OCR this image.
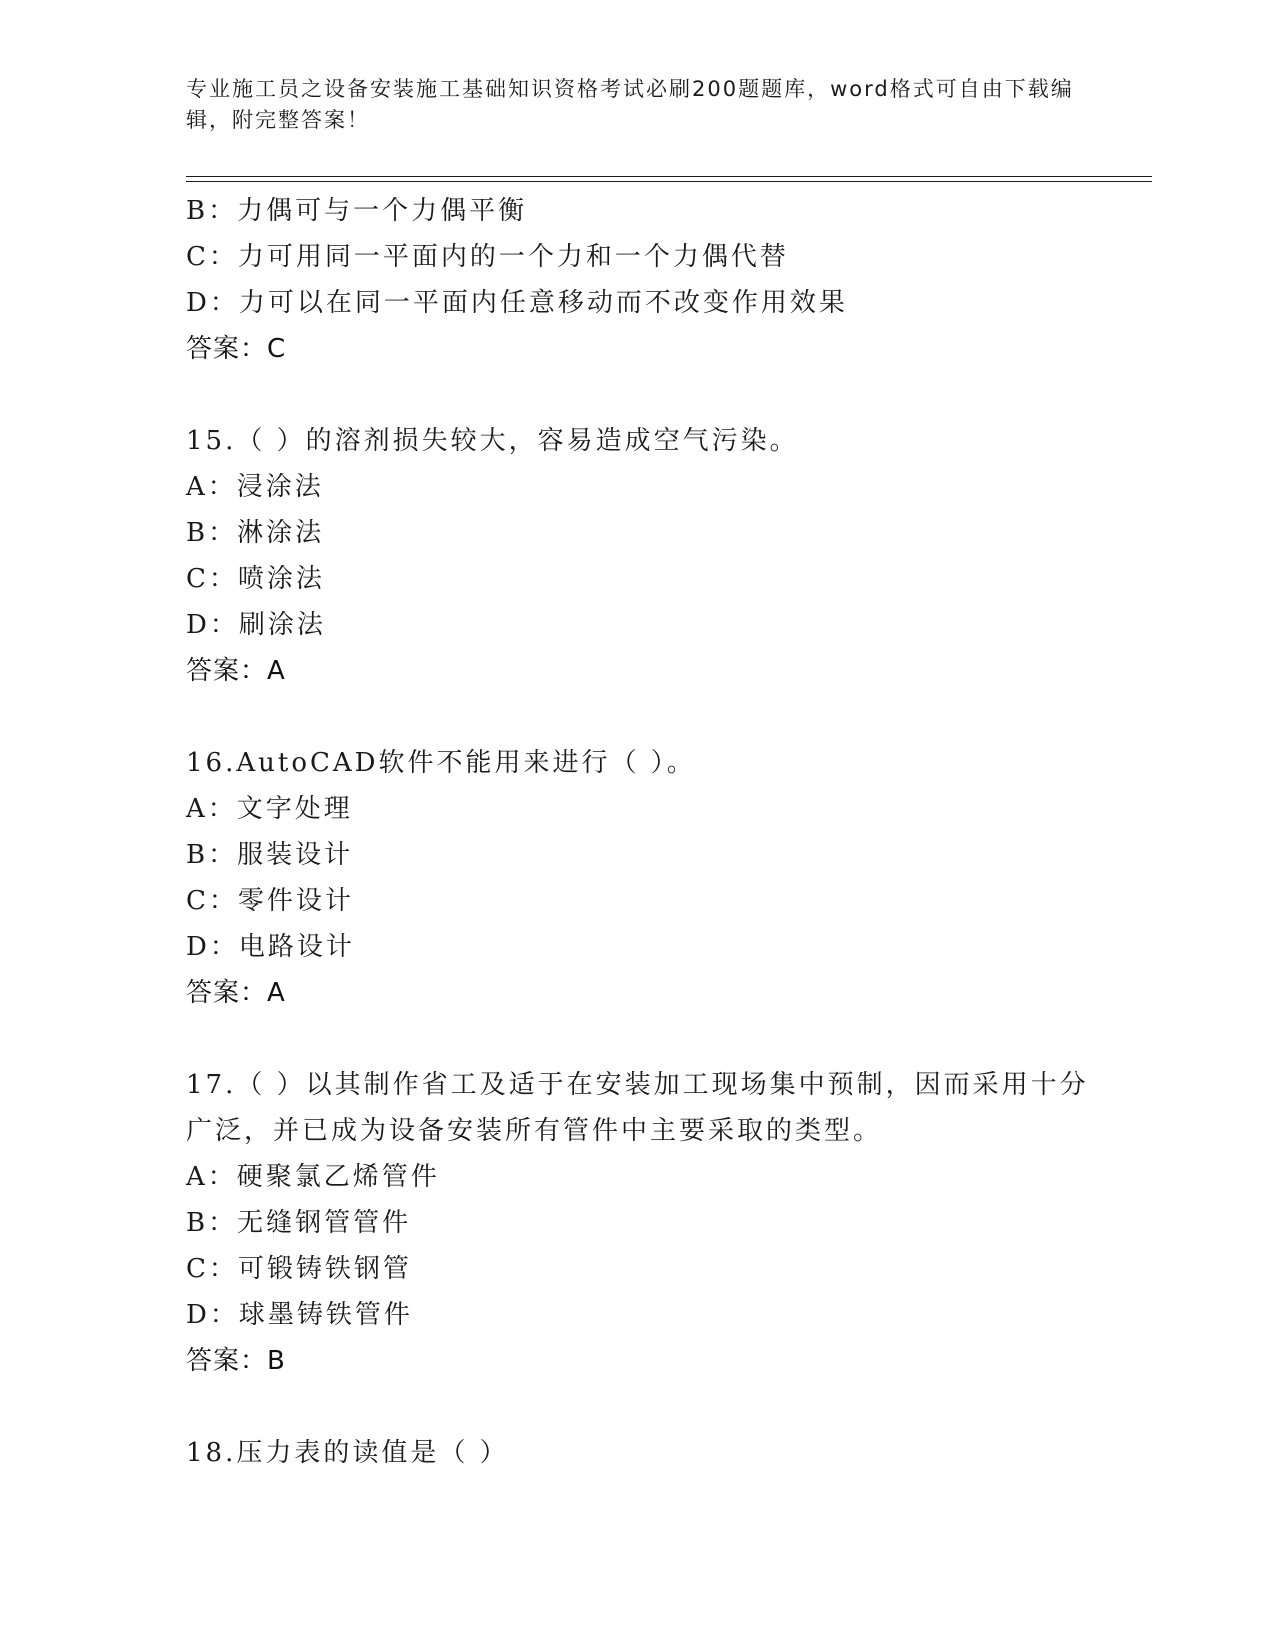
专业施工员之设备安装施工基础知识资格考试必刷200题题库，word格式可自由下载编辑，附完整答案！
B：力偶可与一个力偶平衡
C：力可用同一平面内的一个力和一个力偶代替
D：力可以在同一平面内任意移动而不改变作用效果
答案：C
15.（ ）的溶剂损失较大，容易造成空气污染。
A：浸涂法
B：淋涂法
C：喷涂法
D：刷涂法
答案：A
16.AutoCAD软件不能用来进行（ ）。
A：文字处理
B：服装设计
C：零件设计
D：电路设计
答案：A
17.（ ）以其制作省工及适于在安装加工现场集中预制，因而采用十分广泛，并已成为设备安装所有管件中主要采取的类型。
A：硬聚氯乙烯管件
B：无缝钢管管件
C：可锻铸铁钢管
D：球墨铸铁管件
答案：B
18.压力表的读值是（ ）
